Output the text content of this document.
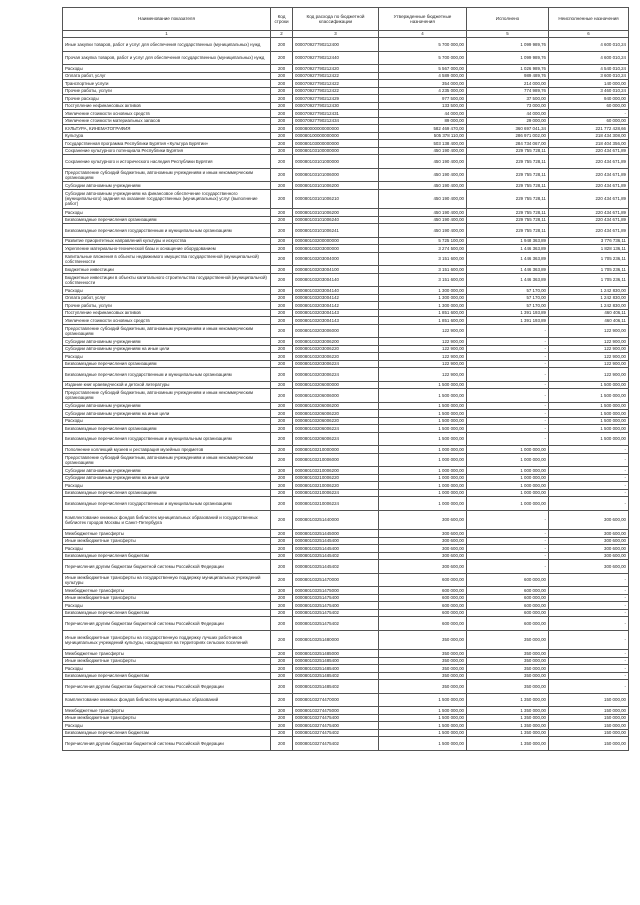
Наименование показателя	Код строки	Код расхода по бюджетной классификации	Утвержденные бюджетные назначения	Исполнено	Неисполненные назначения
1	2	3	4	5	6
Иные закупки товаров, работ и услуг для обеспечения государственных (муниципальных) нужд	200	000070927790212400	5 700 000,00	1 099 989,76	4 600 010,24
Прочая закупка товаров, работ и услуг для обеспечения государственных (муниципальных) нужд	200	000070927790212440	5 700 000,00	1 099 989,76	4 600 010,24
Расходы	200	000070927790212420	5 567 000,00	1 026 989,76	4 540 010,24
Оплата работ, услуг	200	000070927790212422	4 589 000,00	989 489,76	3 600 010,24
Транспортные услуги	200	000070927790212422	354 000,00	214 000,00	140 000,00
Прочие работы, услуги	200	000070927790212422	4 235 000,00	774 989,76	3 460 010,24
Прочие расходы	200	000070927790212429	977 500,00	37 500,00	940 000,00
Поступление нефинансовых активов	200	000070927790212430	133 500,00	73 000,00	60 000,00
Увеличение стоимости основных средств	200	000070927790212431	44 000,00	44 000,00	-
Увеличение стоимости материальных запасов	200	000070927790212434	89 000,00	29 000,00	60 000,00
КУЛЬТУРА, КИНЕМАТОГРАФИЯ	200	000080000000000000	582 469 470,00	360 697 041,34	221 772 428,66
Культура	200	000080100000000000	505 378 110,00	286 971 002,00	218 434 308,00
Государственная программа Республики Бурятия «Культура Бурятии»	200	000080103000000000	503 138 400,00	284 734 067,00	218 404 356,00
Сохранение культурного потенциала Республики Бурятия	200	000080103100000000	450 190 400,00	229 755 728,11	220 434 671,89
Сохранение культурного и исторического наследия Республики Бурятия	200	000080103101000000	450 190 400,00	229 755 728,11	220 434 671,89
Предоставление субсидий бюджетным, автономным учреждениям и иным некоммерческим организациям	200	000080103101006000	450 190 400,00	229 755 728,11	220 434 671,89
Субсидии автономным учреждениям	200	000080103101006200	450 190 400,00	229 755 728,11	220 434 671,89
Субсидии автономным учреждениям на финансовое обеспечение государственного (муниципального) задания на оказание государственных (муниципальных) услуг (выполнение работ)	200	000080103101006210	450 190 400,00	229 755 728,11	220 434 671,89
Расходы	200	000080103101006200	450 190 400,00	229 755 728,11	220 434 671,89
Безвозмездные перечисления организациям	200	000080103101006240	450 190 400,00	229 755 728,11	220 434 671,89
Безвозмездные перечисления государственным и муниципальным организациям	200	000080103101006241	450 190 400,00	229 755 728,11	220 434 671,89
Развитие приоритетных направлений культуры и искусства	200	000080103200000000	5 725 100,00	1 948 363,89	3 776 736,11
Укрепление материально-технической базы и оснащение оборудованием	200	000080103203000000	3 274 500,00	1 446 363,89	1 828 136,11
Капитальные вложения в объекты недвижимого имущества государственной (муниципальной) собственности	200	000080103203004000	3 151 600,00	1 446 363,89	1 705 236,11
Бюджетные инвестиции	200	000080103203004100	3 151 600,00	1 446 363,89	1 705 236,11
Бюджетные инвестиции в объекты капитального строительства государственной (муниципальной) собственности	200	000080103203004140	3 151 600,00	1 446 363,89	1 705 236,11
Расходы	200	000080103203004140	1 300 000,00	57 170,00	1 242 830,00
Оплата работ, услуг	200	000080103203004142	1 300 000,00	57 170,00	1 242 830,00
Прочие работы, услуги	200	000080103203004142	1 300 000,00	57 170,00	1 242 830,00
Поступление нефинансовых активов	200	000080103203004143	1 851 600,00	1 391 193,89	460 406,11
Увеличение стоимости основных средств	200	000080103203004143	1 851 600,00	1 391 193,89	460 406,11
Предоставление субсидий бюджетным, автономным учреждениям и иным некоммерческим организациям	200	000080103203006000	122 900,00	-	122 900,00
Субсидии автономным учреждениям	200	000080103203006200	122 900,00	-	122 900,00
Субсидии автономным учреждениям на иные цели	200	000080103203006220	122 900,00	-	122 900,00
Расходы	200	000080103203006220	122 900,00	-	122 900,00
Безвозмездные перечисления организациям	200	000080103203006224	122 900,00	-	122 900,00
Безвозмездные перечисления государственным и муниципальным организациям	200	000080103203006224	122 900,00	-	122 900,00
Издание книг краеведческой и детской литературы	200	000080103206000000	1 500 000,00	-	1 500 000,00
Предоставление субсидий бюджетным, автономным учреждениям и иным некоммерческим организациям	200	000080103206006000	1 500 000,00	-	1 500 000,00
Субсидии автономным учреждениям	200	000080103206006200	1 500 000,00	-	1 500 000,00
Субсидии автономным учреждениям на иные цели	200	000080103206006220	1 500 000,00	-	1 500 000,00
Расходы	200	000080103206006220	1 500 000,00	-	1 500 000,00
Безвозмездные перечисления организациям	200	000080103206006224	1 500 000,00	-	1 500 000,00
Безвозмездные перечисления государственным и муниципальным организациям	200	000080103206006224	1 500 000,00	-	1 500 000,00
Пополнение коллекций музеев и реставрация музейных предметов	200	000080103210000000	1 000 000,00	1 000 000,00	-
Предоставление субсидий бюджетным, автономным учреждениям и иным некоммерческим организациям	200	000080103210006000	1 000 000,00	1 000 000,00	-
Субсидии автономным учреждениям	200	000080103210006200	1 000 000,00	1 000 000,00	-
Субсидии автономным учреждениям на иные цели	200	000080103210006220	1 000 000,00	1 000 000,00	-
Расходы	200	000080103210006220	1 000 000,00	1 000 000,00	-
Безвозмездные перечисления организациям	200	000080103210006224	1 000 000,00	1 000 000,00	-
Безвозмездные перечисления государственным и муниципальным организациям	200	000080103210006224	1 000 000,00	1 000 000,00	-
Комплектование книжных фондов библиотек муниципальных образований и государственных библиотек городов Москвы и Санкт-Петербурга	200	000080103251440000	300 600,00	-	300 600,00
Межбюджетные трансферты	200	000080103251445000	300 600,00	-	300 600,00
Иные межбюджетные трансферты	200	000080103251445400	300 600,00	-	300 600,00
Расходы	200	000080103251445400	300 600,00	-	300 600,00
Безвозмездные перечисления бюджетам	200	000080103251445402	300 600,00	-	300 600,00
Перечисления другим бюджетам бюджетной системы Российской Федерации	200	000080103251445402	300 600,00	-	300 600,00
Иные межбюджетные трансферты на государственную поддержку муниципальных учреждений культуры	200	000080103251470000	600 000,00	600 000,00	-
Межбюджетные трансферты	200	000080103251475000	600 000,00	600 000,00	-
Иные межбюджетные трансферты	200	000080103251475400	600 000,00	600 000,00	-
Расходы	200	000080103251475400	600 000,00	600 000,00	-
Безвозмездные перечисления бюджетам	200	000080103251475402	600 000,00	600 000,00	-
Перечисления другим бюджетам бюджетной системы Российской Федерации	200	000080103251475402	600 000,00	600 000,00	-
Иные межбюджетные трансферты на государственную поддержку лучших работников муниципальных учреждений культуры, находящихся на территориях сельских поселений	200	000080103251480000	350 000,00	350 000,00	-
Межбюджетные трансферты	200	000080103251485000	350 000,00	350 000,00	-
Иные межбюджетные трансферты	200	000080103251485400	350 000,00	350 000,00	-
Расходы	200	000080103251485400	350 000,00	350 000,00	-
Безвозмездные перечисления бюджетам	200	000080103251485402	350 000,00	350 000,00	-
Перечисления другим бюджетам бюджетной системы Российской Федерации	200	000080103251485402	350 000,00	350 000,00	-
Комплектование книжных фондов библиотек муниципальных образований	200	000080103274470000	1 500 000,00	1 350 000,00	150 000,00
Межбюджетные трансферты	200	000080103274475000	1 500 000,00	1 350 000,00	150 000,00
Иные межбюджетные трансферты	200	000080103274475400	1 500 000,00	1 350 000,00	150 000,00
Расходы	200	000080103274475400	1 500 000,00	1 350 000,00	150 000,00
Безвозмездные перечисления бюджетам	200	000080103274475402	1 500 000,00	1 350 000,00	150 000,00
Перечисления другим бюджетам бюджетной системы Российской Федерации	200	000080103274475402	1 500 000,00	1 350 000,00	150 000,00
